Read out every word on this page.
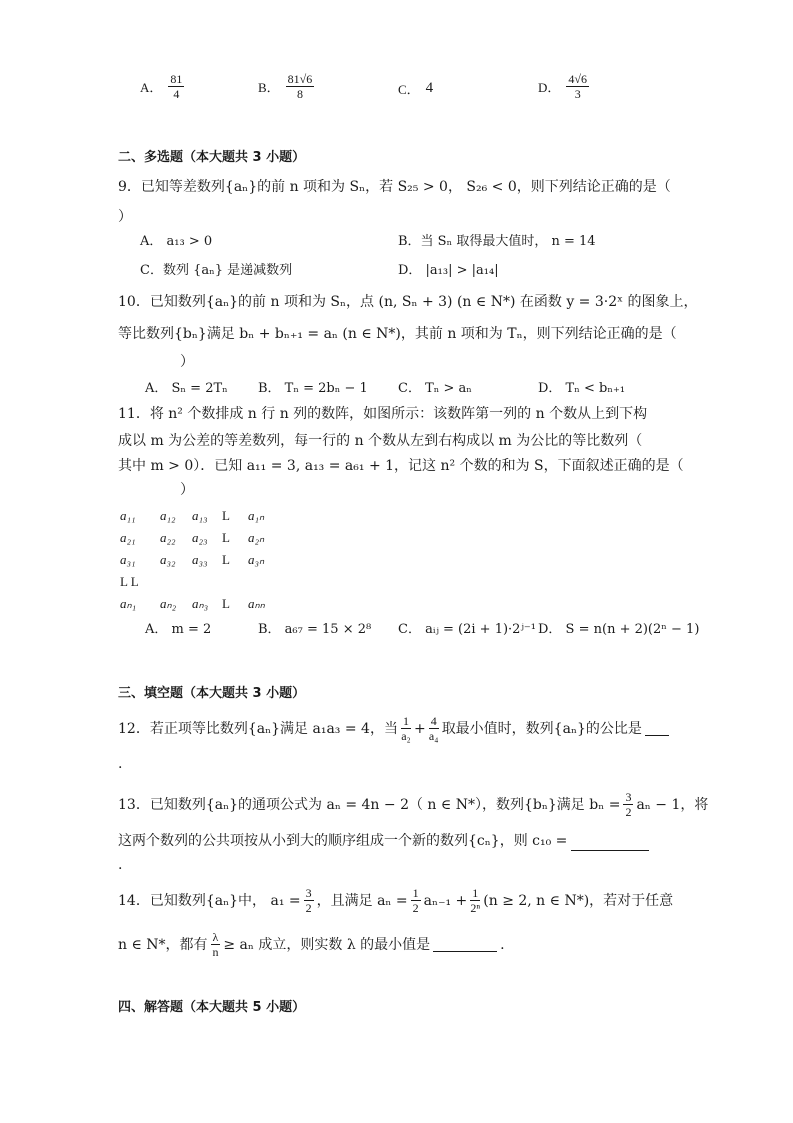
A． $\frac{81}{4}$	B． $\frac{81√6}{8}$	C． 4	D． $\frac{4√6}{3}$
二、多选题（本大题共 3 小题）
9．已知等差数列{aₙ}的前 n 项和为 Sₙ，若 S₂₅ > 0， S₂₆ < 0，则下列结论正确的是（
）
A． a₁₃ > 0	B．当 Sₙ 取得最大值时， n = 14
C．数列 {aₙ} 是递减数列	D． |a₁₃| > |a₁₄|
10．已知数列{aₙ}的前 n 项和为 Sₙ，点 (n, Sₙ + 3) (n ∈ N*) 在函数 y = 3·2ˣ 的图象上，
等比数列{bₙ}满足 bₙ + bₙ₊₁ = aₙ (n ∈ N*)，其前 n 项和为 Tₙ，则下列结论正确的是（
）
A． Sₙ = 2Tₙ B． Tₙ = 2bₙ − 1 C． Tₙ > aₙ	D． Tₙ < bₙ₊₁
11．将 n² 个数排成 n 行 n 列的数阵，如图所示：该数阵第一列的 n 个数从上到下构
成以 m 为公差的等差数列，每一行的 n 个数从左到右构成以 m 为公比的等比数列（
其中 m > 0）．已知 a₁₁ = 3, a₁₃ = a₆₁ + 1，记这 n² 个数的和为 S，下面叙述正确的是（
）
a₁₁ a₁₂ a₁₃ L a₁ₙ
a₂₁ a₂₂ a₂₃ L a₂ₙ
a₃₁ a₃₂ a₃₃ L a₃ₙ
L L
aₙ₁ aₙ₂ aₙ₃ L aₙₙ
A． m = 2	B． a₆₇ = 15 × 2⁸ C． aᵢⱼ = (2i + 1)·2ʲ⁻¹ D． S = n(n + 2)(2ⁿ − 1)
三、填空题（本大题共 3 小题）
12．若正项等比数列{aₙ}满足 a₁a₃ = 4，当 $\frac{1}{\text{a₂}} + \frac{4}{\text{a₄}}$ 取最小值时，数列{aₙ}的公比是
.
13．已知数列{aₙ}的通项公式为 aₙ = 4n − 2（ n ∈ N*），数列{bₙ}满足 $b_n = \frac{3}{2}$ aₙ − 1，将
这两个数列的公共项按从小到大的顺序组成一个新的数列{cₙ}，则 c₁₀ =
.
14．已知数列{aₙ}中， $a_1 = \frac{3}{2}$ ，且满足 $a_n = \frac{1}{2} a_{n-1} + \frac{1}{\text{2ⁿ}} (n \ge 2$, n ∈ N*)，若对于任意
n ∈ N*，都有 $\frac{\lambda}{n} \ge a_n$ 成立，则实数 λ 的最小值是	.
四、解答题（本大题共 5 小题）
